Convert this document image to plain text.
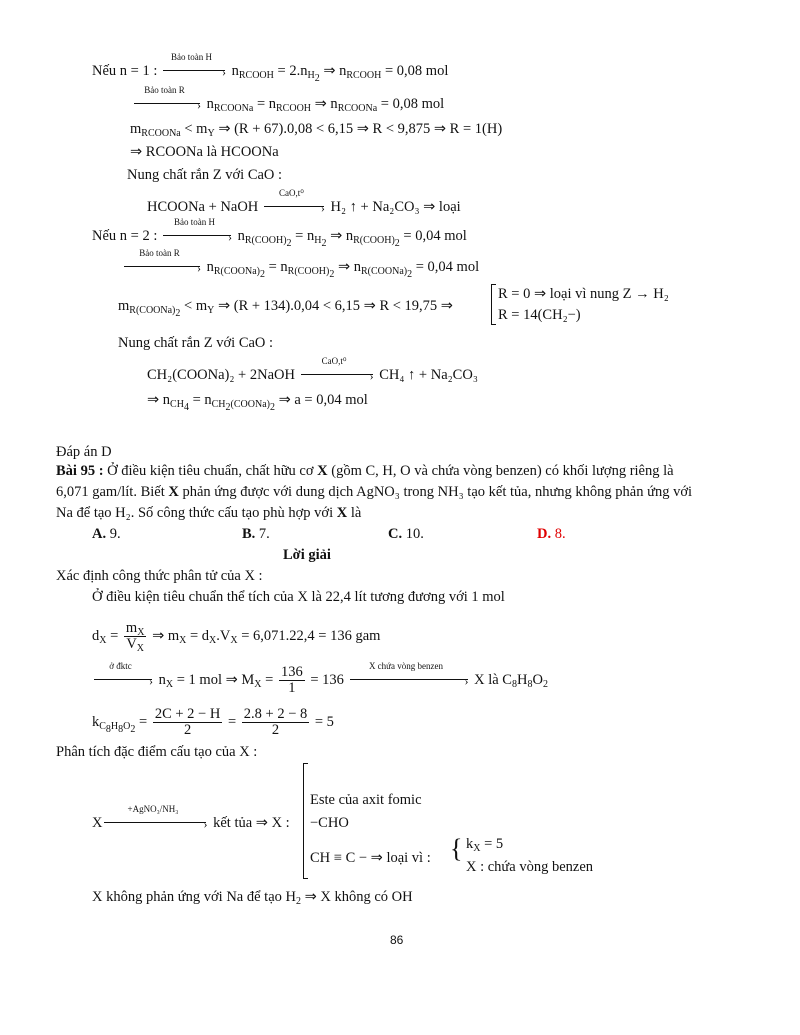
Nếu n = 1 :
Bảo toàn H
› $n_{RCOOH} = 2.n_{H_2}$ ⇒ $n_{RCOOH} = 0,08$ mol
Bảo toàn R
› $n_{RCOONa} = n_{RCOOH}$ ⇒ $n_{RCOONa} = 0,08$ mol
$m_{RCOONa} < m_Y$ ⇒ (R + 67).0,08 < 6,15 ⇒ R < 9,875 ⇒ R = 1(H)
⇒ RCOONa là HCOONa
Nung chất rắn Z với CaO :
HCOONa + NaOH
CaO,t⁰
› H₂ ↑ + Na₂CO₃ ⇒ loại
Nếu n = 2 :
Bảo toàn H
› $n_{R(COOH)_2} = n_{H_2}$ ⇒ $n_{R(COOH)_2} = 0,04$ mol
Bảo toàn R
› $n_{R(COONa)_2} = n_{R(COOH)_2}$ ⇒ $n_{R(COONa)_2} = 0,04$ mol
$m_{R(COONa)_2} < m_Y$ ⇒ (R + 134).0,04 < 6,15 ⇒ R < 19,75 ⇒
R = 0 ⇒ loại vì nung Z → H₂
R = 14(CH₂−)
Nung chất rắn Z với CaO :
CH₂(COONa)₂ + 2NaOH
CaO,t⁰
› CH₄ ↑ + Na₂CO₃
⇒ $n_{CH_4} = n_{CH_2(COONa)_2}$ ⇒ a = 0,04 mol
Đáp án D
Bài 95 : Ở điều kiện tiêu chuẩn, chất hữu cơ X (gồm C, H, O và chứa vòng benzen) có khối lượng riêng là
6,071 gam/lít. Biết X phản ứng được với dung dịch AgNO₃ trong NH₃ tạo kết tủa, nhưng không phản ứng với
Na để tạo H₂. Số công thức cấu tạo phù hợp với X là
A. 9.	B. 7.	C. 10.	D. 8.
Lời giải
Xác định công thức phân tử của X :
Ở điều kiện tiêu chuẩn thể tích của X là 22,4 lít tương đương với 1 mol
$d_X = \frac{m_X}{V_X}$ ⇒ $m_X = d_X.V_X = 6,071.22,4 = 136$ gam
ở đktc
› $n_X = 1$ mol ⇒ $M_X = \frac{136}{1} = 136$
X chứa vòng benzen
› X là $C_8H_8O_2$
$k_{C_8H_8O_2} = \frac{2C + 2 - H}{2} = \frac{2.8 + 2 - 8}{2} = 5$
Phân tích đặc điểm cấu tạo của X :
X
+AgNO₃/NH₃
› kết tủa ⇒ X :
Este của axit fomic
−CHO
CH ≡ C − ⇒ loại vì : { $k_X = 5$
X : chứa vòng benzen
X không phản ứng với Na để tạo $H_2$ ⇒ X không có OH
86
